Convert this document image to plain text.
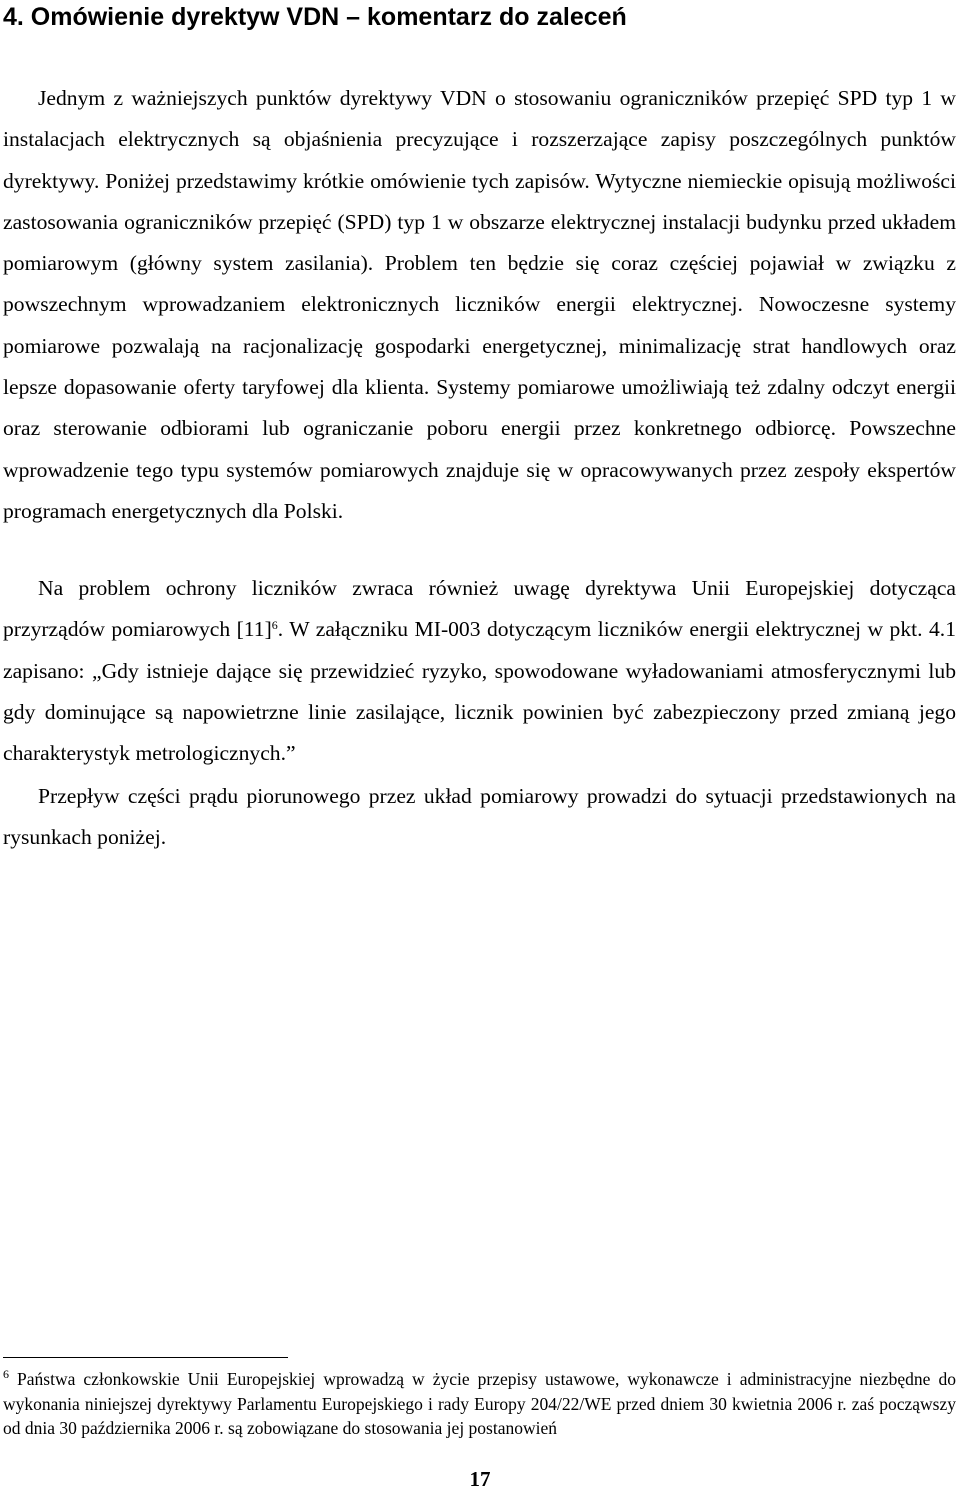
4. Omówienie dyrektyw VDN – komentarz do zaleceń

Jednym z ważniejszych punktów dyrektywy VDN o stosowaniu ograniczników przepięć SPD typ 1 w instalacjach elektrycznych są objaśnienia precyzujące i rozszerzające zapisy poszczególnych punktów dyrektywy. Poniżej przedstawimy krótkie omówienie tych zapisów. Wytyczne niemieckie opisują możliwości zastosowania ograniczników przepięć (SPD) typ 1 w obszarze elektrycznej instalacji budynku przed układem pomiarowym (główny system zasilania). Problem ten będzie się coraz częściej pojawiał w związku z powszechnym wprowadzaniem elektronicznych liczników energii elektrycznej. Nowoczesne systemy pomiarowe pozwalają na racjonalizację gospodarki energetycznej, minimalizację strat handlowych oraz lepsze dopasowanie oferty taryfowej dla klienta. Systemy pomiarowe umożliwiają też zdalny odczyt energii oraz sterowanie odbiorami lub ograniczanie poboru energii przez konkretnego odbiorcę. Powszechne wprowadzenie tego typu systemów pomiarowych znajduje się w opracowywanych przez zespoły ekspertów programach energetycznych dla Polski.

Na problem ochrony liczników zwraca również uwagę dyrektywa Unii Europejskiej dotycząca przyrządów pomiarowych [11]$^6$. W załączniku MI-003 dotyczącym liczników energii elektrycznej w pkt. 4.1 zapisano: „Gdy istnieje dające się przewidzieć ryzyko, spowodowane wyładowaniami atmosferycznymi lub gdy dominujące są napowietrzne linie zasilające, licznik powinien być zabezpieczony przed zmianą jego charakterystyk metrologicznych.”

Przepływ części prądu piorunowego przez układ pomiarowy prowadzi do sytuacji przedstawionych na rysunkach poniżej.

$^6$ Państwa członkowskie Unii Europejskiej wprowadzą w życie przepisy ustawowe, wykonawcze i administracyjne niezbędne do wykonania niniejszej dyrektywy Parlamentu Europejskiego i rady Europy 204/22/WE przed dniem 30 kwietnia 2006 r. zaś począwszy od dnia 30 października 2006 r. są zobowiązane do stosowania jej postanowień

17
